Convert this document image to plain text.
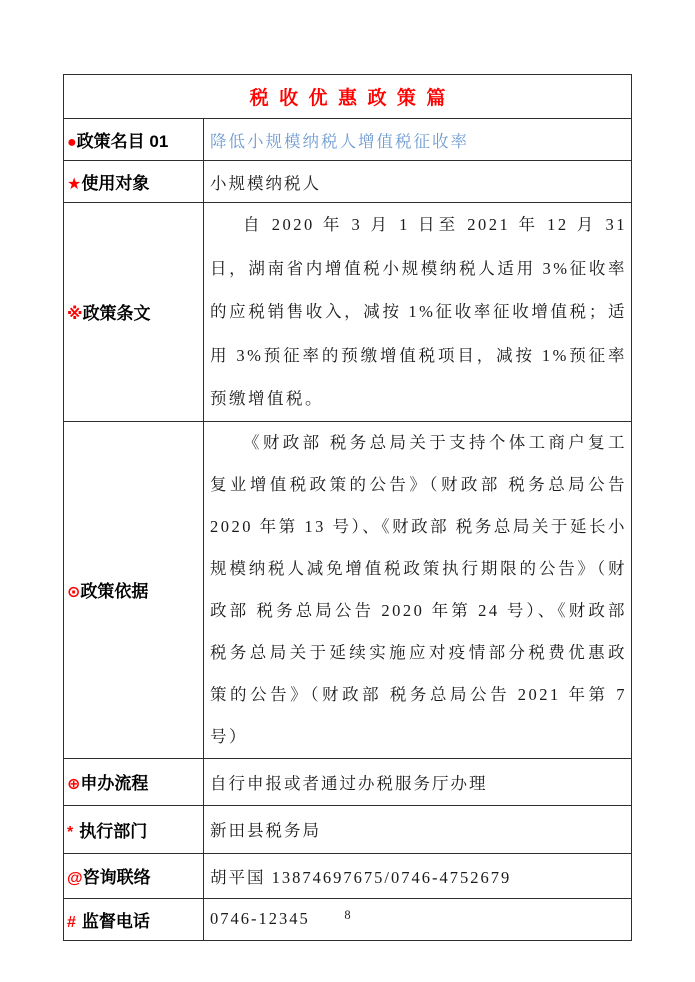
税收优惠政策篇	
●政策名目 01	降低小规模纳税人增值税征收率
★使用对象	小规模纳税人
※政策条文	自 2020 年 3 月 1 日至 2021 年 12 月 31 日，湖南省内增值税小规模纳税人适用 3%征收率的应税销售收入，减按 1%征收率征收增值税；适用 3%预征率的预缴增值税项目，减按 1%预征率预缴增值税。
⊙政策依据	《财政部 税务总局关于支持个体工商户复工复业增值税政策的公告》（财政部 税务总局公告 2020 年第 13 号）、《财政部 税务总局关于延长小规模纳税人减免增值税政策执行期限的公告》（财政部 税务总局公告 2020 年第 24 号）、《财政部 税务总局关于延续实施应对疫情部分税费优惠政策的公告》（财政部 税务总局公告 2021 年第 7 号）
⊕申办流程	自行申报或者通过办税服务厅办理
* 执行部门	新田县税务局
@咨询联络	胡平国 13874697675/0746-4752679
# 监督电话	0746-12345	8
